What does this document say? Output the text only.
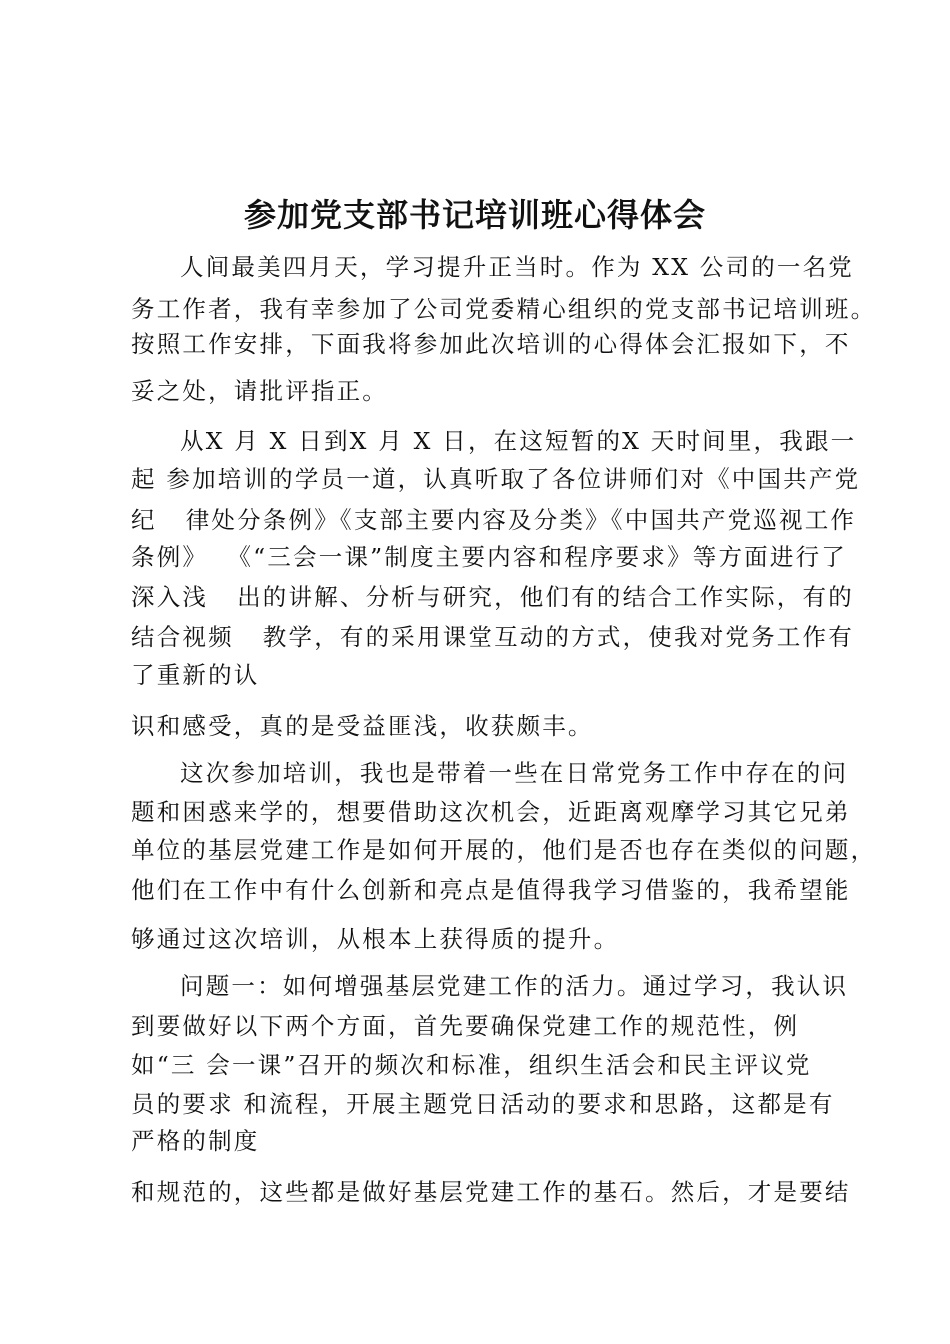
参加党支部书记培训班心得体会
人间最美四月天，学习提升正当时。作为 XX 公司的一名党
务工作者，我有幸参加了公司党委精心组织的党支部书记培训班。
按照工作安排，下面我将参加此次培训的心得体会汇报如下，不
妥之处，请批评指正。
从X 月 X 日到X 月 X 日，在这短暂的X 天时间里，我跟一
起 参加培训的学员一道，认真听取了各位讲师们对《中国共产党
纪   律处分条例》《支部主要内容及分类》《中国共产党巡视工作
条例》  《“三会一课”制度主要内容和程序要求》等方面进行了
深入浅   出的讲解、分析与研究，他们有的结合工作实际，有的
结合视频   教学，有的采用课堂互动的方式，使我对党务工作有
了重新的认
识和感受，真的是受益匪浅，收获颇丰。
这次参加培训，我也是带着一些在日常党务工作中存在的问
题和困惑来学的，想要借助这次机会，近距离观摩学习其它兄弟
单位的基层党建工作是如何开展的，他们是否也存在类似的问题，
他们在工作中有什么创新和亮点是值得我学习借鉴的，我希望能
够通过这次培训，从根本上获得质的提升。
问题一：如何增强基层党建工作的活力。通过学习，我认识
到要做好以下两个方面，首先要确保党建工作的规范性，例
如“三 会一课”召开的频次和标准，组织生活会和民主评议党
员的要求 和流程，开展主题党日活动的要求和思路，这都是有
严格的制度
和规范的，这些都是做好基层党建工作的基石。然后，才是要结
